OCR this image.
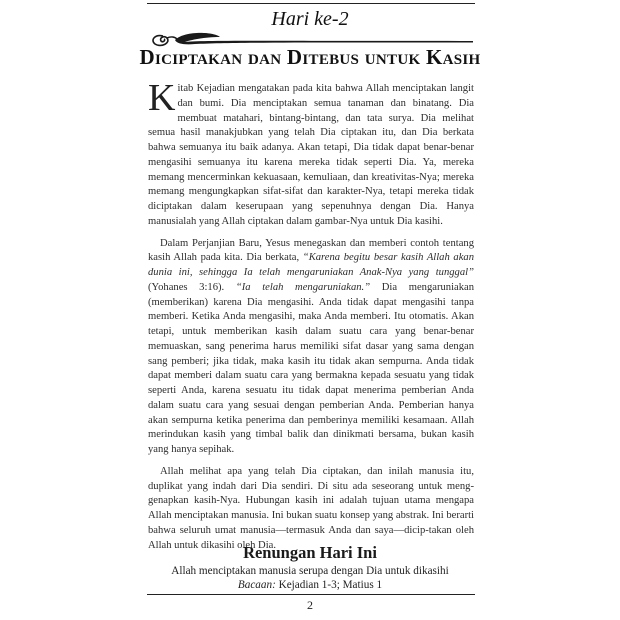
Hari ke-2
Diciptakan dan Ditebus untuk Kasih

Kitab Kejadian mengatakan pada kita bahwa Allah menciptakan langit dan bumi. Dia menciptakan semua tanaman dan binatang. Dia membuat matahari, bintang-bintang, dan tata surya. Dia melihat semua hasil manakjubkan yang telah Dia ciptakan itu, dan Dia berkata bahwa semuanya itu baik adanya. Akan tetapi, Dia tidak dapat benar-benar mengasihi semuanya itu karena mereka tidak seperti Dia. Ya, mereka memang mencerminkan kekuasaan, kemuliaan, dan kreativitas-Nya; mereka memang mengungkapkan sifat-sifat dan karakter-Nya, tetapi mereka tidak diciptakan dalam keserupaan yang sepenuhnya dengan Dia. Hanya manusialah yang Allah ciptakan dalam gambar-Nya untuk Dia kasihi.

Dalam Perjanjian Baru, Yesus menegaskan dan memberi contoh tentang kasih Allah pada kita. Dia berkata, “Karena begitu besar kasih Allah akan dunia ini, sehingga Ia telah mengaruniakan Anak-Nya yang tunggal” (Yohanes 3:16). “Ia telah mengaruniakan.” Dia mengaruniakan (memberikan) karena Dia mengasihi. Anda tidak dapat mengasihi tanpa memberi. Ketika Anda mengasihi, maka Anda memberi. Itu otomatis. Akan tetapi, untuk memberikan kasih dalam suatu cara yang benar-benar memuaskan, sang penerima harus memiliki sifat dasar yang sama dengan sang pemberi; jika tidak, maka kasih itu tidak akan sempurna. Anda tidak dapat memberi dalam suatu cara yang bermakna kepada sesuatu yang tidak seperti Anda, karena sesuatu itu tidak dapat menerima pemberian Anda dalam suatu cara yang sesuai dengan pemberian Anda. Pemberian hanya akan sempurna ketika penerima dan pemberinya memiliki kesamaan. Allah merindukan kasih yang timbal balik dan dinikmati bersama, bukan kasih yang hanya sepihak.

Allah melihat apa yang telah Dia ciptakan, dan inilah manusia itu, duplikat yang indah dari Dia sendiri. Di situ ada seseorang untuk meng-genapkan kasih-Nya. Hubungan kasih ini adalah tujuan utama mengapa Allah menciptakan manusia. Ini bukan suatu konsep yang abstrak. Ini berarti bahwa seluruh umat manusia—termasuk Anda dan saya—dicip-takan oleh Allah untuk dikasihi oleh Dia.

Renungan Hari Ini
Allah menciptakan manusia serupa dengan Dia untuk dikasihi
Bacaan: Kejadian 1-3; Matius 1
2
